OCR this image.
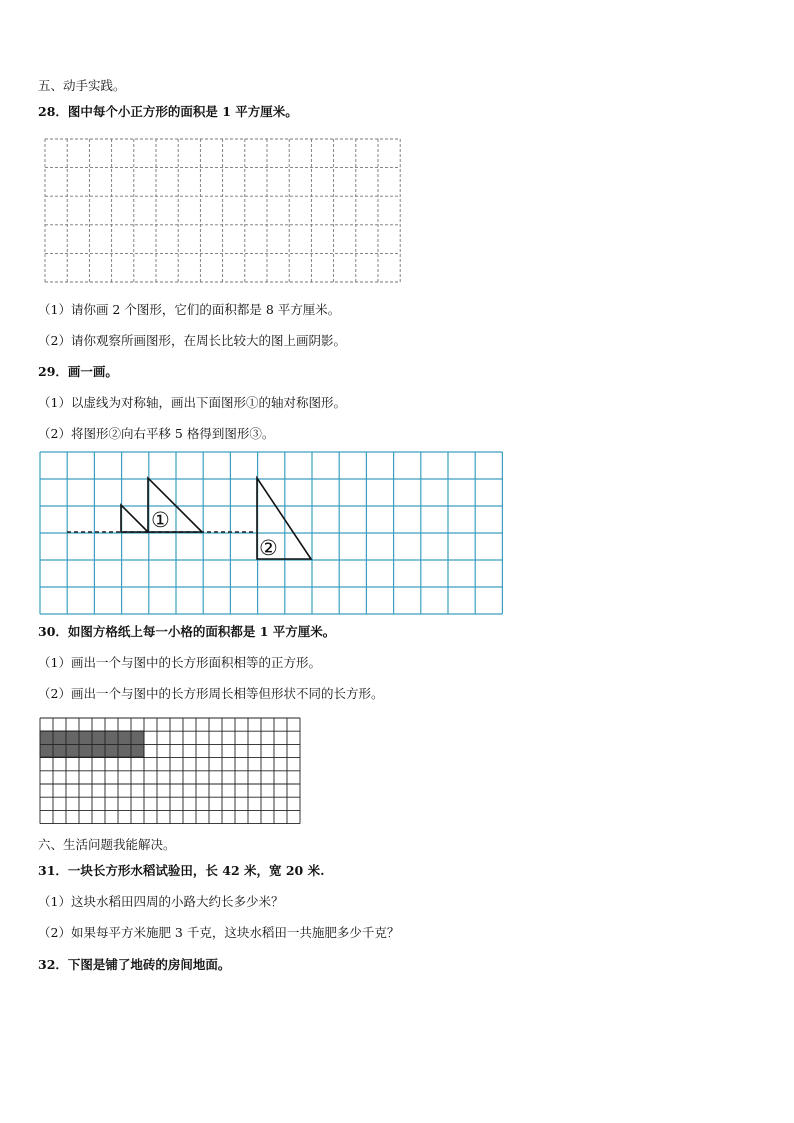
五、动手实践。
28．图中每个小正方形的面积是 1 平方厘米。
（1）请你画 2 个图形，它们的面积都是 8 平方厘米。
（2）请你观察所画图形，在周长比较大的图上画阴影。
29．画一画。
（1）以虚线为对称轴，画出下面图形①的轴对称图形。
（2）将图形②向右平移 5 格得到图形③。
①
②
30．如图方格纸上每一小格的面积都是 1 平方厘米。
（1）画出一个与图中的长方形面积相等的正方形。
（2）画出一个与图中的长方形周长相等但形状不同的长方形。
六、生活问题我能解决。
31．一块长方形水稻试验田，长 42 米，宽 20 米.
（1）这块水稻田四周的小路大约长多少米？
（2）如果每平方米施肥 3 千克，这块水稻田一共施肥多少千克？
32．下图是铺了地砖的房间地面。
